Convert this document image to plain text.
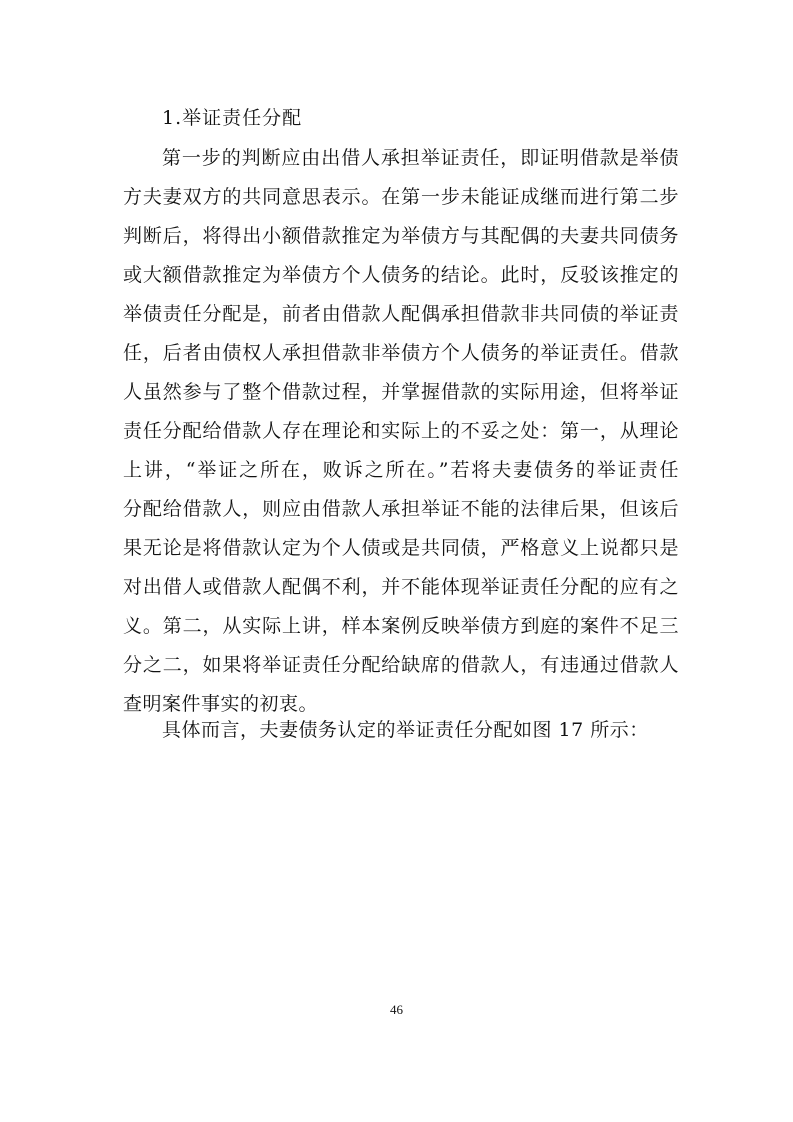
1.举证责任分配
第一步的判断应由出借人承担举证责任，即证明借款是举债
方夫妻双方的共同意思表示。在第一步未能证成继而进行第二步
判断后，将得出小额借款推定为举债方与其配偶的夫妻共同债务
或大额借款推定为举债方个人债务的结论。此时，反驳该推定的
举债责任分配是，前者由借款人配偶承担借款非共同债的举证责
任，后者由债权人承担借款非举债方个人债务的举证责任。借款
人虽然参与了整个借款过程，并掌握借款的实际用途，但将举证
责任分配给借款人存在理论和实际上的不妥之处：第一，从理论
上讲，“举证之所在，败诉之所在。”若将夫妻债务的举证责任
分配给借款人，则应由借款人承担举证不能的法律后果，但该后
果无论是将借款认定为个人债或是共同债，严格意义上说都只是
对出借人或借款人配偶不利，并不能体现举证责任分配的应有之
义。第二，从实际上讲，样本案例反映举债方到庭的案件不足三
分之二，如果将举证责任分配给缺席的借款人，有违通过借款人
查明案件事实的初衷。
具体而言，夫妻债务认定的举证责任分配如图 17 所示：
46
